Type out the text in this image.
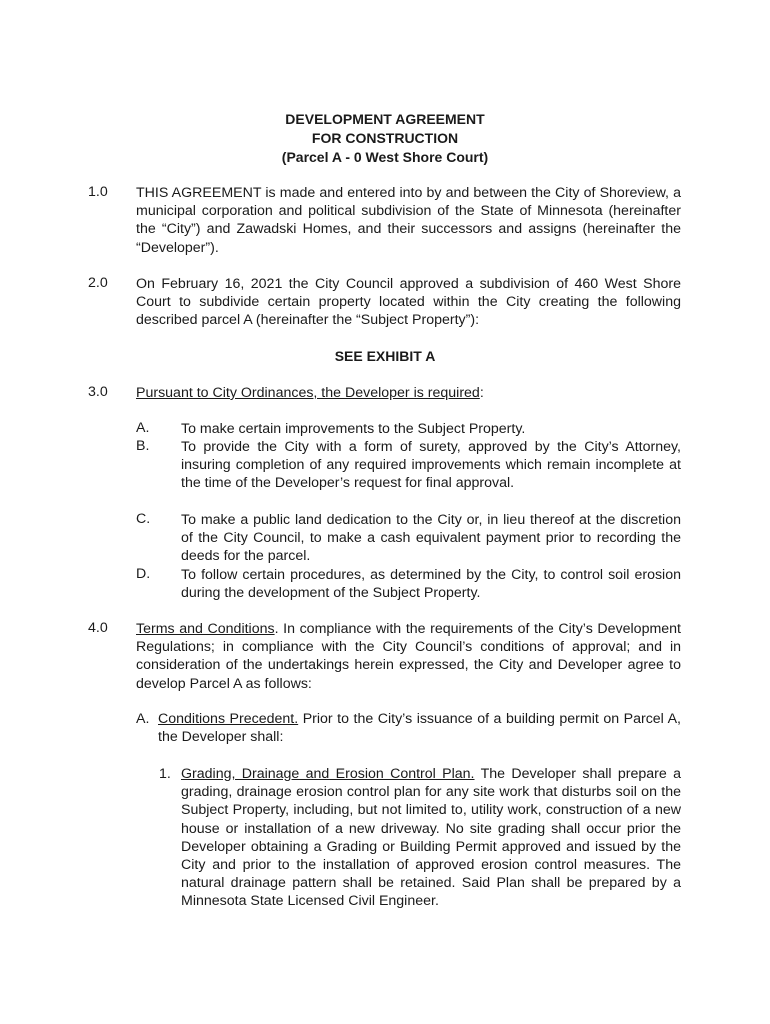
DEVELOPMENT AGREEMENT
FOR CONSTRUCTION
(Parcel A - 0 West Shore Court)
1.0	THIS AGREEMENT is made and entered into by and between the City of Shoreview, a municipal corporation and political subdivision of the State of Minnesota (hereinafter the “City”) and Zawadski Homes, and their successors and assigns (hereinafter the “Developer”).
2.0	On February 16, 2021 the City Council approved a subdivision of 460 West Shore Court to subdivide certain property located within the City creating the following described parcel A (hereinafter the “Subject Property”):
SEE EXHIBIT A
3.0	Pursuant to City Ordinances, the Developer is required:
A.	To make certain improvements to the Subject Property.
B.	To provide the City with a form of surety, approved by the City’s Attorney, insuring completion of any required improvements which remain incomplete at the time of the Developer’s request for final approval.
C.	To make a public land dedication to the City or, in lieu thereof at the discretion of the City Council, to make a cash equivalent payment prior to recording the deeds for the parcel.
D.	To follow certain procedures, as determined by the City, to control soil erosion during the development of the Subject Property.
4.0	Terms and Conditions. In compliance with the requirements of the City’s Development Regulations; in compliance with the City Council’s conditions of approval; and in consideration of the undertakings herein expressed, the City and Developer agree to develop Parcel A as follows:
A. Conditions Precedent. Prior to the City’s issuance of a building permit on Parcel A, the Developer shall:
1. Grading, Drainage and Erosion Control Plan. The Developer shall prepare a grading, drainage erosion control plan for any site work that disturbs soil on the Subject Property, including, but not limited to, utility work, construction of a new house or installation of a new driveway. No site grading shall occur prior the Developer obtaining a Grading or Building Permit approved and issued by the City and prior to the installation of approved erosion control measures. The natural drainage pattern shall be retained. Said Plan shall be prepared by a Minnesota State Licensed Civil Engineer.
